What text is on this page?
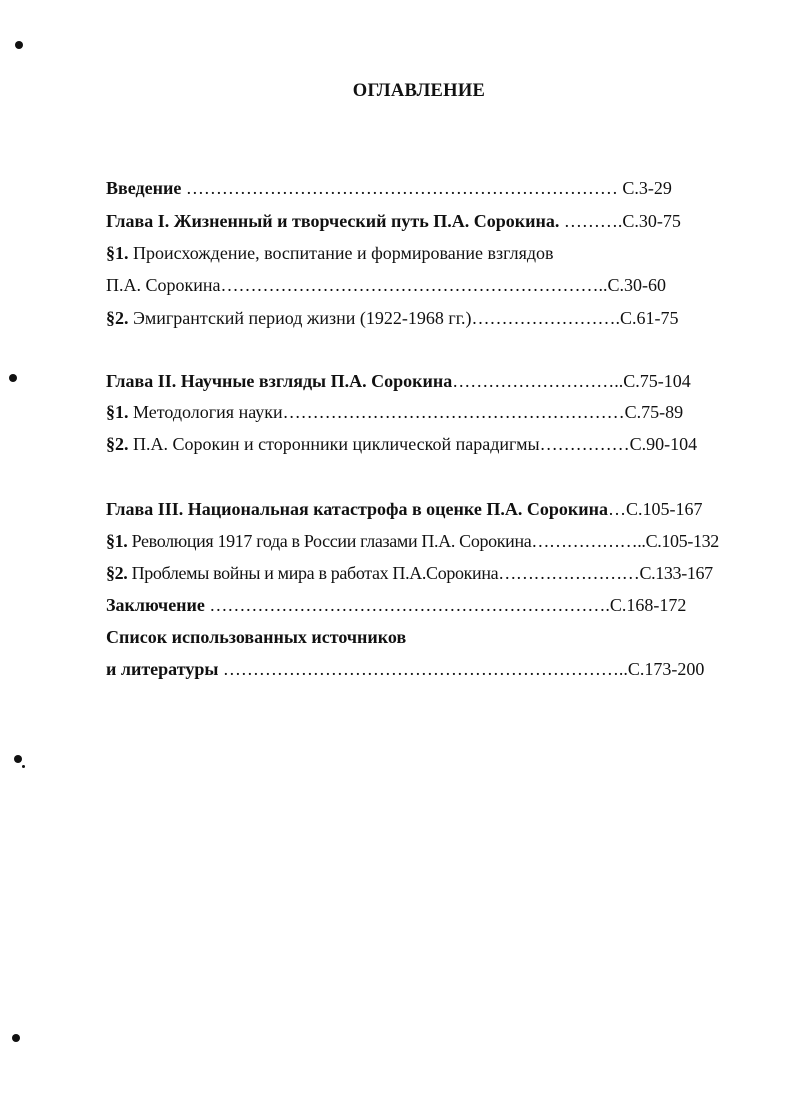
ОГЛАВЛЕНИЕ
Введение ……………………………………………………………… С.3-29
Глава I. Жизненный и творческий путь П.А. Сорокина. ……….С.30-75
§1. Происхождение, воспитание и формирование взглядов
П.А. Сорокина………………………………………………………..С.30-60
§2. Эмигрантский период жизни (1922-1968 гг.)…………………….С.61-75
Глава II. Научные взгляды П.А. Сорокина………………………..С.75-104
§1. Методология науки…………………………………………………С.75-89
§2. П.А. Сорокин и сторонники циклической парадигмы……………С.90-104
Глава III. Национальная катастрофа в оценке П.А. Сорокина…С.105-167
§1. Революция 1917 года в России глазами П.А. Сорокина………………..С.105-132
§2. Проблемы войны и мира в работах П.А.Сорокина……………………С.133-167
Заключение ………………………………………………………….С.168-172
Список использованных источников
и литературы …………………………………………………………..С.173-200
